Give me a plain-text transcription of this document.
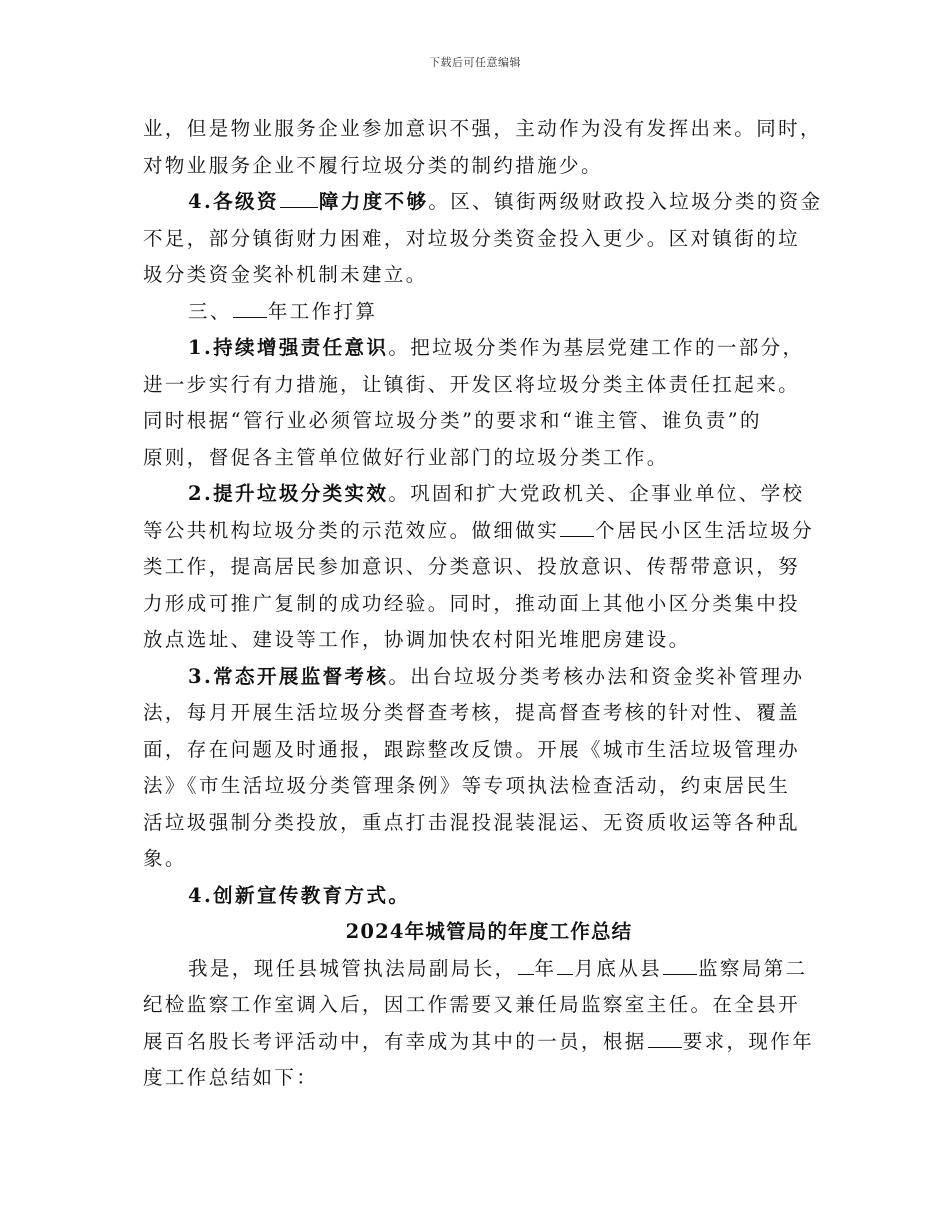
下载后可任意编辑
业，但是物业服务企业参加意识不强，主动作为没有发挥出来。同时，
对物业服务企业不履行垃圾分类的制约措施少。
4.各级资 障力度不够。区、镇街两级财政投入垃圾分类的资金
不足，部分镇街财力困难，对垃圾分类资金投入更少。区对镇街的垃
圾分类资金奖补机制未建立。
三、 年工作打算
1.持续增强责任意识。把垃圾分类作为基层党建工作的一部分，
进一步实行有力措施，让镇街、开发区将垃圾分类主体责任扛起来。
同时根据“管行业必须管垃圾分类”的要求和“谁主管、谁负责”的
原则，督促各主管单位做好行业部门的垃圾分类工作。
2.提升垃圾分类实效。巩固和扩大党政机关、企事业单位、学校
等公共机构垃圾分类的示范效应。做细做实 个居民小区生活垃圾分
类工作，提高居民参加意识、分类意识、投放意识、传帮带意识，努
力形成可推广复制的成功经验。同时，推动面上其他小区分类集中投
放点选址、建设等工作，协调加快农村阳光堆肥房建设。
3.常态开展监督考核。出台垃圾分类考核办法和资金奖补管理办
法，每月开展生活垃圾分类督查考核，提高督查考核的针对性、覆盖
面，存在问题及时通报，跟踪整改反馈。开展《城市生活垃圾管理办
法》《市生活垃圾分类管理条例》等专项执法检查活动，约束居民生
活垃圾强制分类投放，重点打击混投混装混运、无资质收运等各种乱
象。
4.创新宣传教育方式。
2024年城管局的年度工作总结
我是，现任县城管执法局副局长， 年 月底从县 监察局第二
纪检监察工作室调入后，因工作需要又兼任局监察室主任。在全县开
展百名股长考评活动中，有幸成为其中的一员，根据 要求，现作年
度工作总结如下：
